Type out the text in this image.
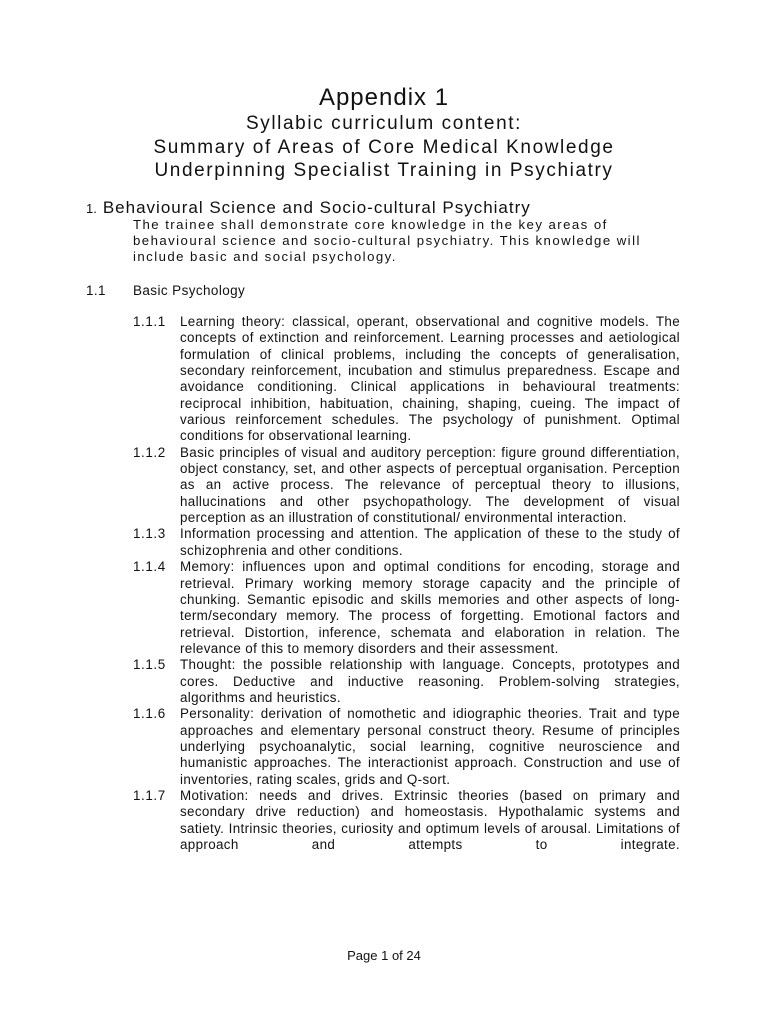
Appendix 1
Syllabic curriculum content:
Summary of Areas of Core Medical Knowledge
Underpinning Specialist Training in Psychiatry
1. Behavioural Science and Socio-cultural Psychiatry
The trainee shall demonstrate core knowledge in the key areas of behavioural science and socio-cultural psychiatry. This knowledge will include basic and social psychology.
1.1 Basic Psychology
1.1.1 Learning theory: classical, operant, observational and cognitive models. The concepts of extinction and reinforcement. Learning processes and aetiological formulation of clinical problems, including the concepts of generalisation, secondary reinforcement, incubation and stimulus preparedness. Escape and avoidance conditioning. Clinical applications in behavioural treatments: reciprocal inhibition, habituation, chaining, shaping, cueing. The impact of various reinforcement schedules. The psychology of punishment. Optimal conditions for observational learning.
1.1.2 Basic principles of visual and auditory perception: figure ground differentiation, object constancy, set, and other aspects of perceptual organisation. Perception as an active process. The relevance of perceptual theory to illusions, hallucinations and other psychopathology. The development of visual perception as an illustration of constitutional/ environmental interaction.
1.1.3 Information processing and attention. The application of these to the study of schizophrenia and other conditions.
1.1.4 Memory: influences upon and optimal conditions for encoding, storage and retrieval. Primary working memory storage capacity and the principle of chunking. Semantic episodic and skills memories and other aspects of long-term/secondary memory. The process of forgetting. Emotional factors and retrieval. Distortion, inference, schemata and elaboration in relation. The relevance of this to memory disorders and their assessment.
1.1.5 Thought: the possible relationship with language. Concepts, prototypes and cores. Deductive and inductive reasoning. Problem-solving strategies, algorithms and heuristics.
1.1.6 Personality: derivation of nomothetic and idiographic theories. Trait and type approaches and elementary personal construct theory. Resume of principles underlying psychoanalytic, social learning, cognitive neuroscience and humanistic approaches. The interactionist approach. Construction and use of inventories, rating scales, grids and Q-sort.
1.1.7 Motivation: needs and drives. Extrinsic theories (based on primary and secondary drive reduction) and homeostasis. Hypothalamic systems and satiety. Intrinsic theories, curiosity and optimum levels of arousal. Limitations of approach and attempts to integrate.
Page 1 of 24
